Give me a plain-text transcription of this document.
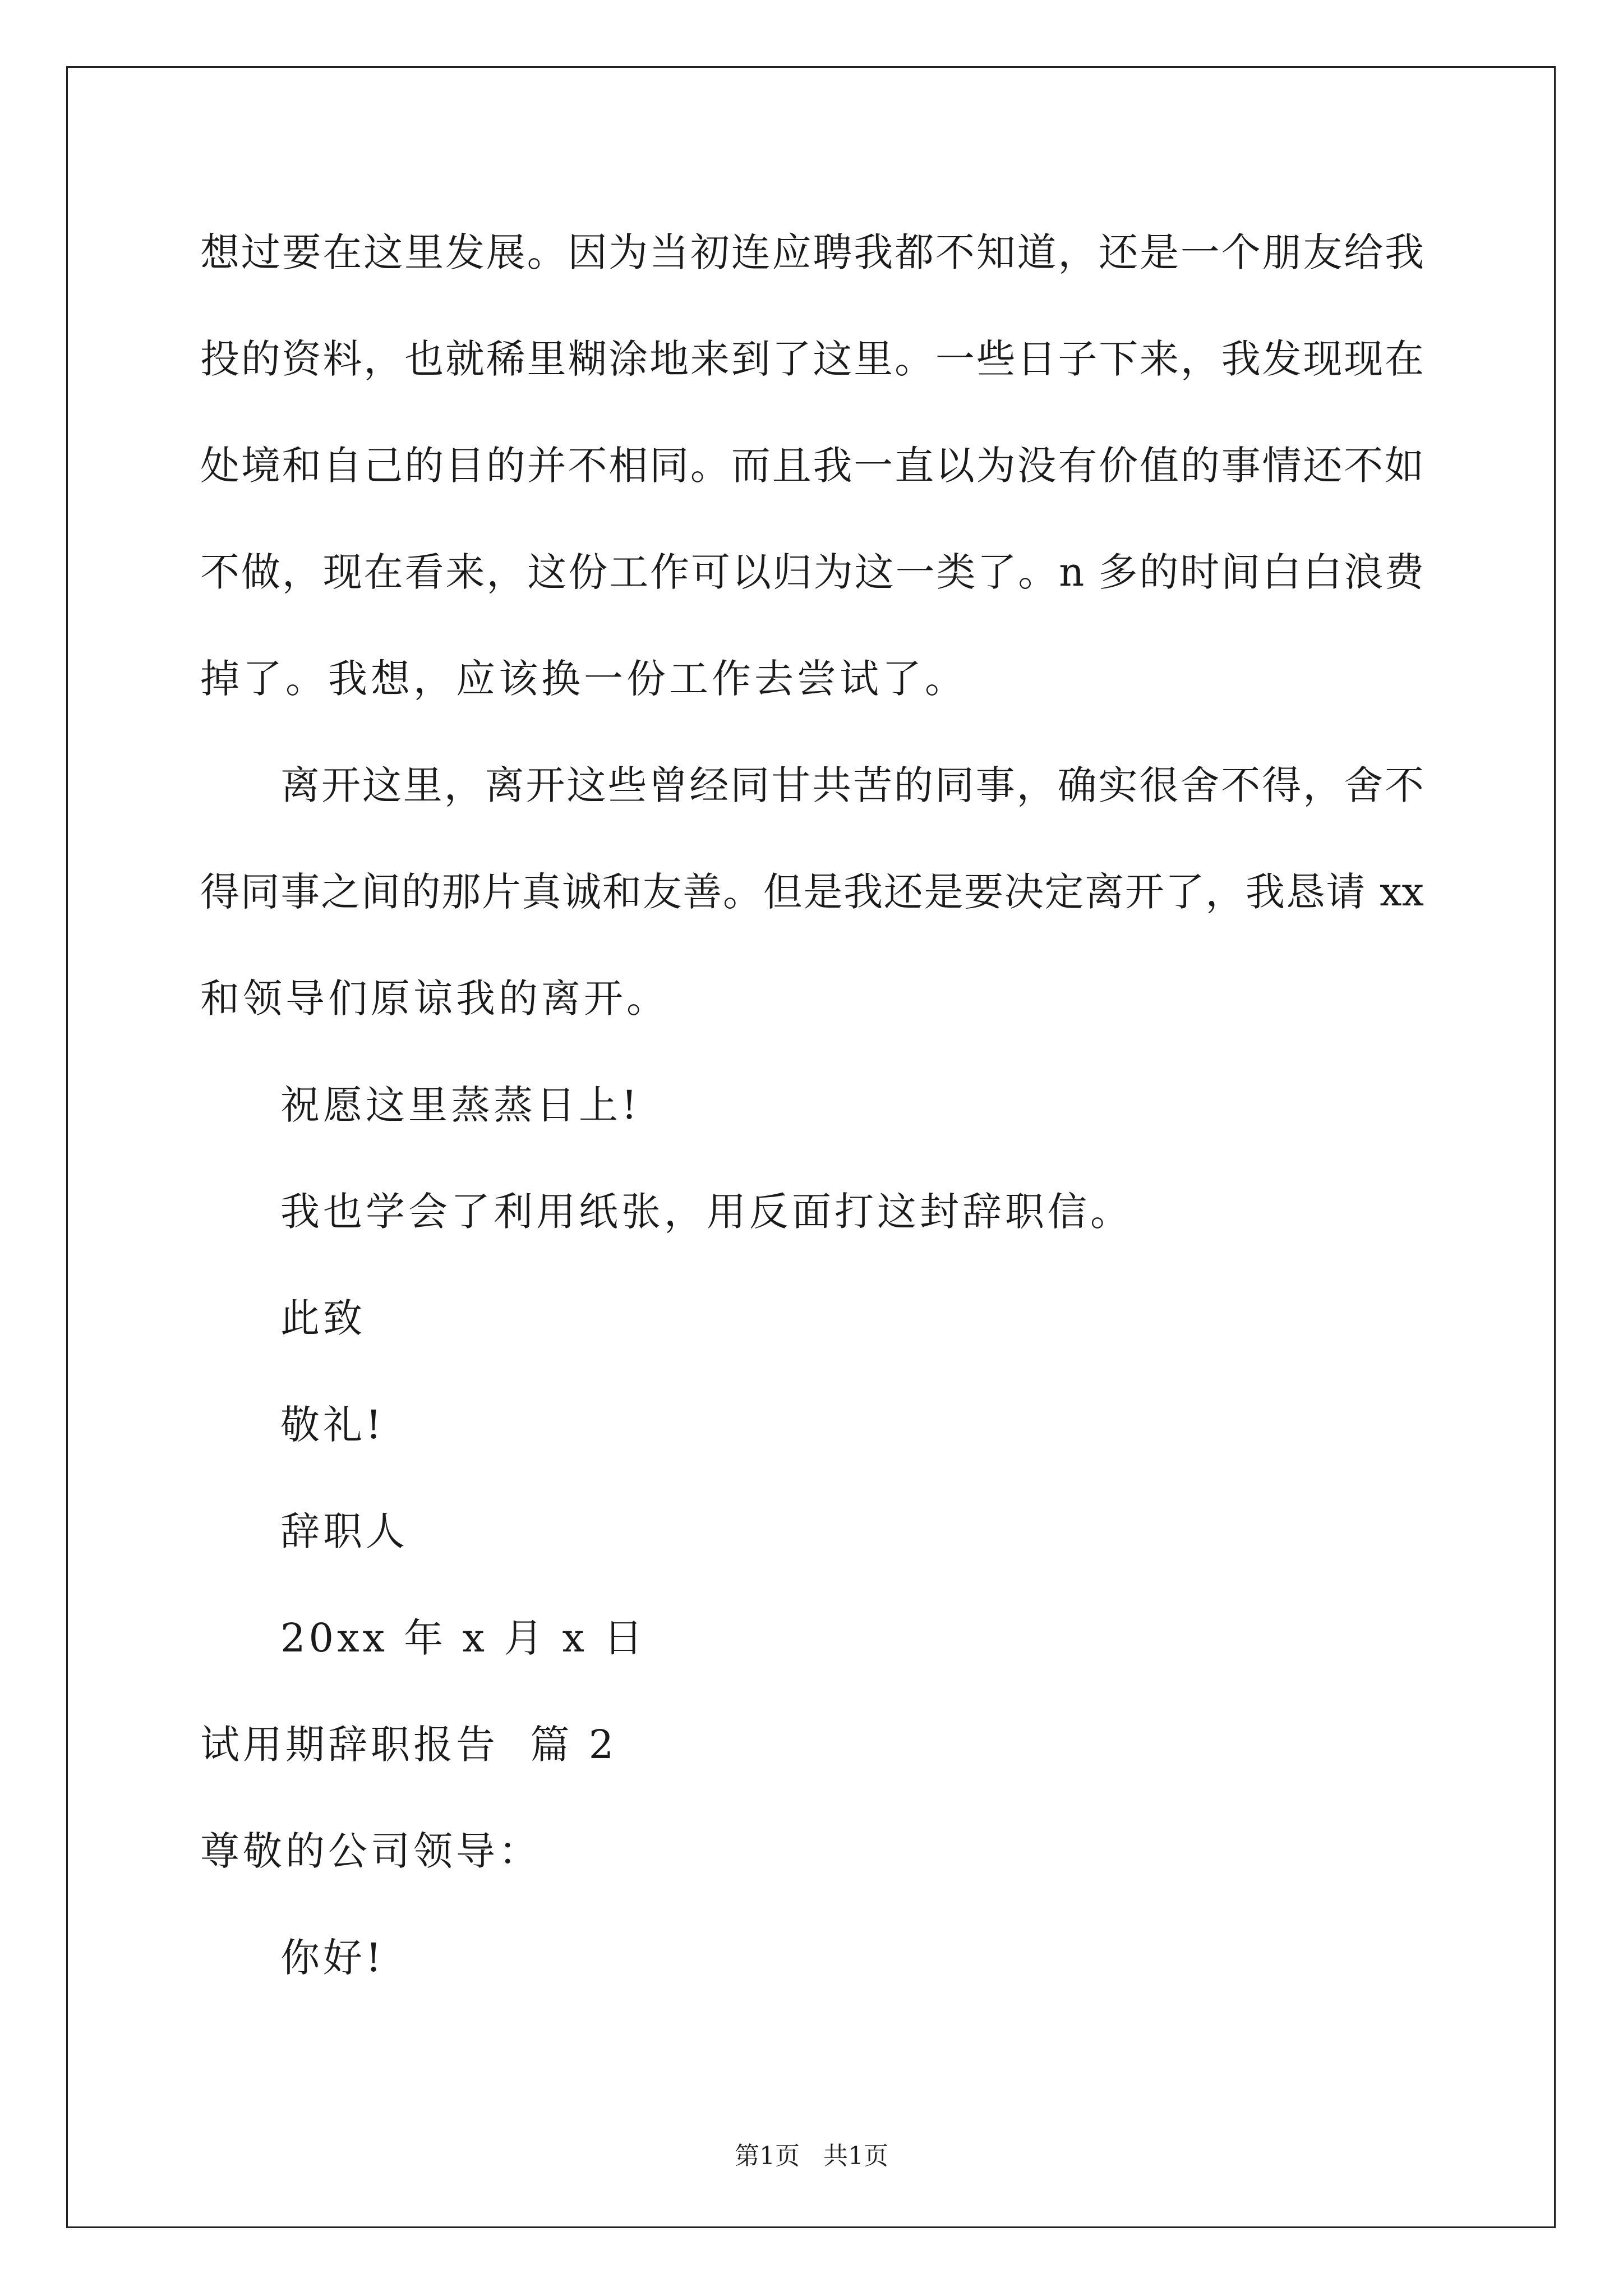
想过要在这里发展。因为当初连应聘我都不知道，还是一个朋友给我
投的资料，也就稀里糊涂地来到了这里。一些日子下来，我发现现在
处境和自己的目的并不相同。而且我一直以为没有价值的事情还不如
不做，现在看来，这份工作可以归为这一类了。n 多的时间白白浪费
掉了。我想，应该换一份工作去尝试了。
离开这里，离开这些曾经同甘共苦的同事，确实很舍不得，舍不
得同事之间的那片真诚和友善。但是我还是要决定离开了，我恳请 xx
和领导们原谅我的离开。
祝愿这里蒸蒸日上!
我也学会了利用纸张，用反面打这封辞职信。
此致
敬礼!
辞职人
20xx 年 x 月 x 日
试用期辞职报告  篇 2
尊敬的公司领导：
你好!
第1页   共1页
